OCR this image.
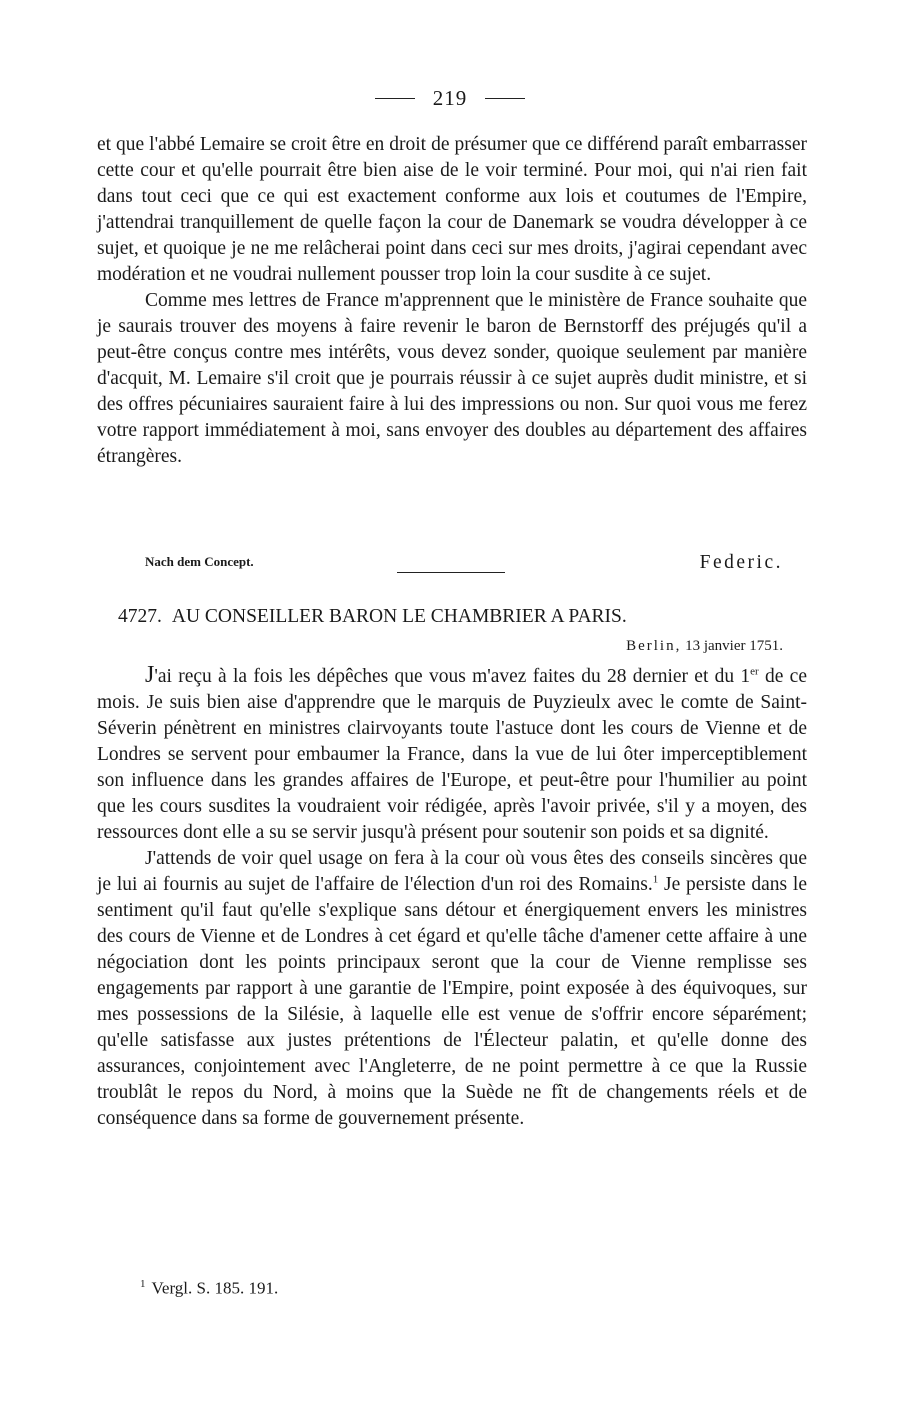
219

et que l'abbé Lemaire se croit être en droit de présumer que ce différend paraît embarrasser cette cour et qu'elle pourrait être bien aise de le voir terminé. Pour moi, qui n'ai rien fait dans tout ceci que ce qui est exactement conforme aux lois et coutumes de l'Empire, j'attendrai tranquillement de quelle façon la cour de Danemark se voudra développer à ce sujet, et quoique je ne me relâcherai point dans ceci sur mes droits, j'agirai cependant avec modération et ne voudrai nullement pousser trop loin la cour susdite à ce sujet.

Comme mes lettres de France m'apprennent que le ministère de France souhaite que je saurais trouver des moyens à faire revenir le baron de Bernstorff des préjugés qu'il a peut-être conçus contre mes intérêts, vous devez sonder, quoique seulement par manière d'acquit, M. Lemaire s'il croit que je pourrais réussir à ce sujet auprès dudit ministre, et si des offres pécuniaires sauraient faire à lui des impressions ou non. Sur quoi vous me ferez votre rapport immédiatement à moi, sans envoyer des doubles au département des affaires étrangères.

Nach dem Concept.	Federic.
4727. AU CONSEILLER BARON LE CHAMBRIER A PARIS.
Berlin, 13 janvier 1751.

J'ai reçu à la fois les dépêches que vous m'avez faites du 28 dernier et du 1er de ce mois. Je suis bien aise d'apprendre que le marquis de Puyzieulx avec le comte de Saint-Séverin pénètrent en ministres clairvoyants toute l'astuce dont les cours de Vienne et de Londres se servent pour embaumer la France, dans la vue de lui ôter imperceptiblement son influence dans les grandes affaires de l'Europe, et peut-être pour l'humilier au point que les cours susdites la voudraient voir rédigée, après l'avoir privée, s'il y a moyen, des ressources dont elle a su se servir jusqu'à présent pour soutenir son poids et sa dignité.

J'attends de voir quel usage on fera à la cour où vous êtes des conseils sincères que je lui ai fournis au sujet de l'affaire de l'élection d'un roi des Romains.$^1$ Je persiste dans le sentiment qu'il faut qu'elle s'explique sans détour et énergiquement envers les ministres des cours de Vienne et de Londres à cet égard et qu'elle tâche d'amener cette affaire à une négociation dont les points principaux seront que la cour de Vienne remplisse ses engagements par rapport à une garantie de l'Empire, point exposée à des équivoques, sur mes possessions de la Silésie, à laquelle elle est venue de s'offrir encore séparément; qu'elle satisfasse aux justes prétentions de l'Électeur palatin, et qu'elle donne des assurances, conjointement avec l'Angleterre, de ne point permettre à ce que la Russie troublât le repos du Nord, à moins que la Suède ne fît de changements réels et de conséquence dans sa forme de gouvernement présente.

$^1$ Vergl. S. 185. 191.
